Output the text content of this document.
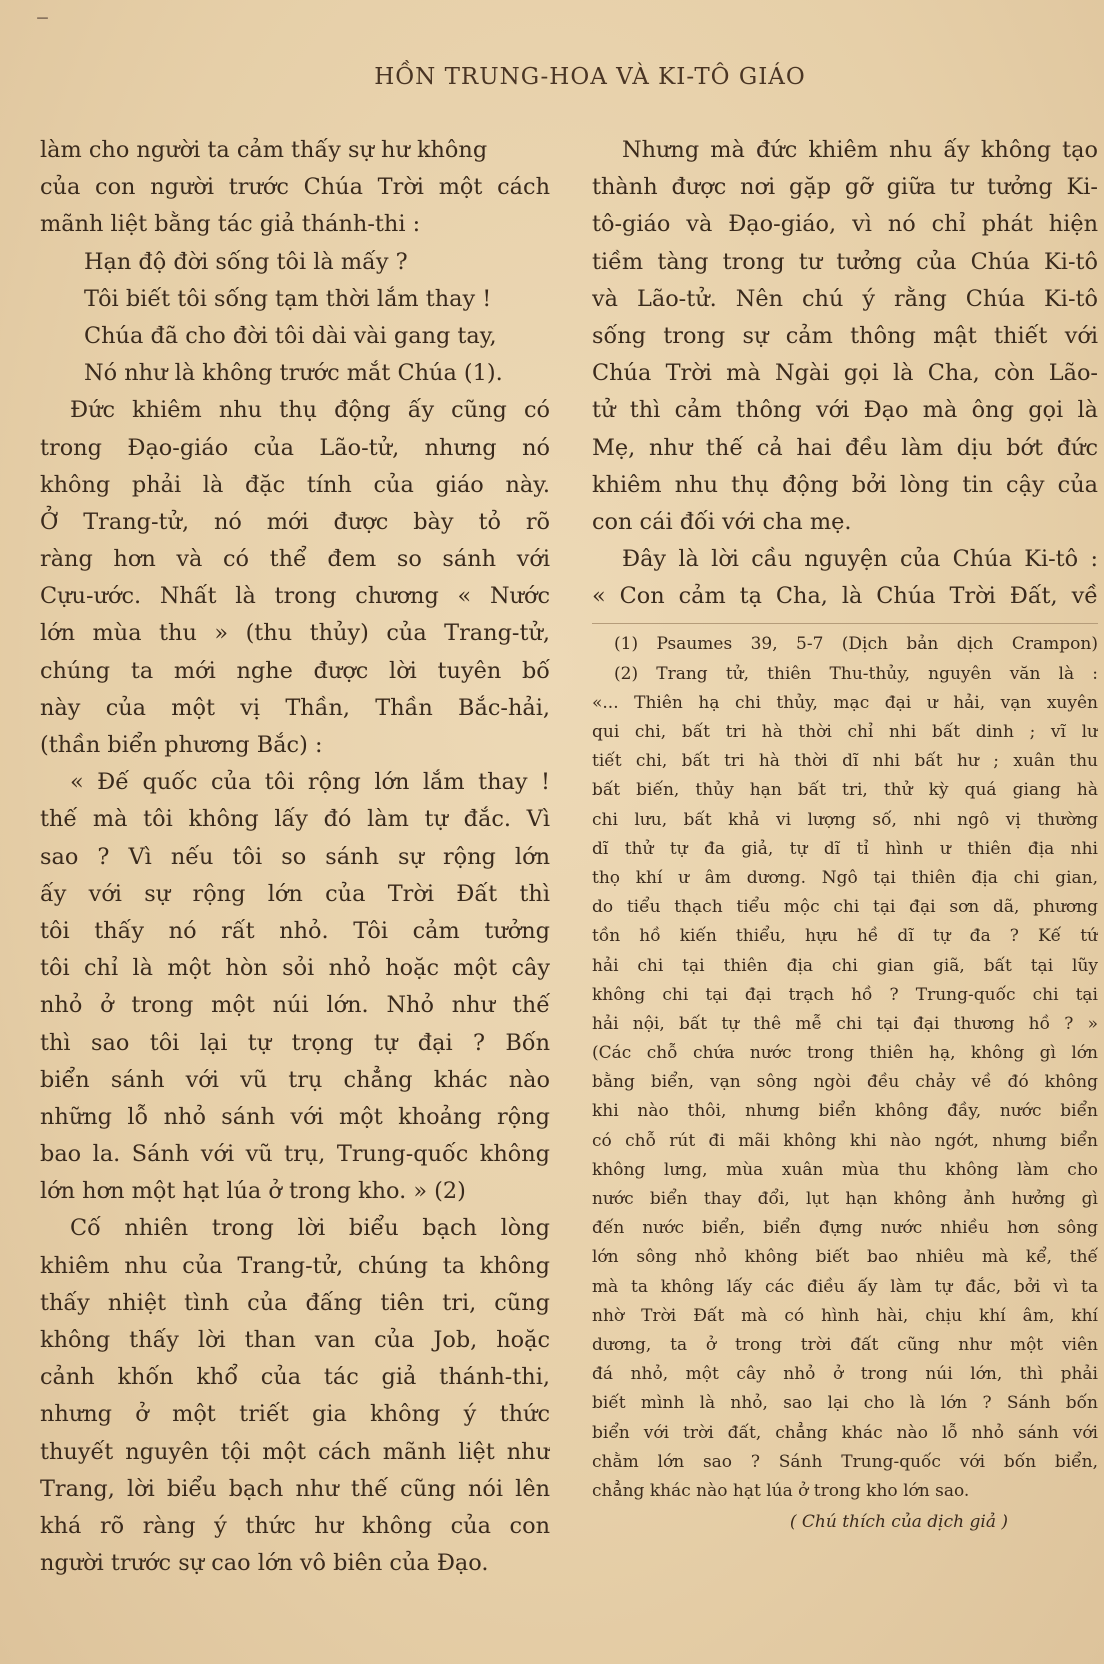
–
HỒN TRUNG-HOA VÀ KI-TÔ GIÁO
làm cho người ta cảm thấy sự hư không
của con người trước Chúa Trời một cách
mãnh liệt bằng tác giả thánh-thi :
Hạn độ đời sống tôi là mấy ?
Tôi biết tôi sống tạm thời lắm thay !
Chúa đã cho đời tôi dài vài gang tay,
Nó như là không trước mắt Chúa (1).
Đức khiêm nhu thụ động ấy cũng có
trong Đạo-giáo của Lão-tử, nhưng nó
không phải là đặc tính của giáo này.
Ở Trang-tử, nó mới được bày tỏ rõ
ràng hơn và có thể đem so sánh với
Cựu-ước. Nhất là trong chương « Nước
lớn mùa thu » (thu thủy) của Trang-tử,
chúng ta mới nghe được lời tuyên bố
này của một vị Thần, Thần Bắc-hải,
(thần biển phương Bắc) :
« Đế quốc của tôi rộng lớn lắm thay !
thế mà tôi không lấy đó làm tự đắc. Vì
sao ? Vì nếu tôi so sánh sự rộng lớn
ấy với sự rộng lớn của Trời Đất thì
tôi thấy nó rất nhỏ. Tôi cảm tưởng
tôi chỉ là một hòn sỏi nhỏ hoặc một cây
nhỏ ở trong một núi lớn. Nhỏ như thế
thì sao tôi lại tự trọng tự đại ? Bốn
biển sánh với vũ trụ chẳng khác nào
những lỗ nhỏ sánh với một khoảng rộng
bao la. Sánh với vũ trụ, Trung-quốc không
lớn hơn một hạt lúa ở trong kho. » (2)
Cố nhiên trong lời biểu bạch lòng
khiêm nhu của Trang-tử, chúng ta không
thấy nhiệt tình của đấng tiên tri, cũng
không thấy lời than van của Job, hoặc
cảnh khốn khổ của tác giả thánh-thi,
nhưng ở một triết gia không ý thức
thuyết nguyên tội một cách mãnh liệt như
Trang, lời biểu bạch như thế cũng nói lên
khá rõ ràng ý thức hư không của con
người trước sự cao lớn vô biên của Đạo.
Nhưng mà đức khiêm nhu ấy không tạo
thành được nơi gặp gỡ giữa tư tưởng Ki-
tô-giáo và Đạo-giáo, vì nó chỉ phát hiện
tiềm tàng trong tư tưởng của Chúa Ki-tô
và Lão-tử. Nên chú ý rằng Chúa Ki-tô
sống trong sự cảm thông mật thiết với
Chúa Trời mà Ngài gọi là Cha, còn Lão-
tử thì cảm thông với Đạo mà ông gọi là
Mẹ, như thế cả hai đều làm dịu bớt đức
khiêm nhu thụ động bởi lòng tin cậy của
con cái đối với cha mẹ.
Đây là lời cầu nguyện của Chúa Ki-tô :
« Con cảm tạ Cha, là Chúa Trời Đất, về
(1) Psaumes 39, 5-7 (Dịch bản dịch Crampon)
(2) Trang tử, thiên Thu-thủy, nguyên văn là :
«... Thiên hạ chi thủy, mạc đại ư hải, vạn xuyên
qui chi, bất tri hà thời chỉ nhi bất dinh ; vĩ lư
tiết chi, bất tri hà thời dĩ nhi bất hư ; xuân thu
bất biến, thủy hạn bất tri, thử kỳ quá giang hà
chi lưu, bất khả vi lượng số, nhi ngô vị thường
dĩ thử tự đa giả, tự dĩ tỉ hình ư thiên địa nhi
thọ khí ư âm dương. Ngô tại thiên địa chi gian,
do tiểu thạch tiểu mộc chi tại đại sơn dã, phương
tồn hồ kiến thiểu, hựu hề dĩ tự đa ? Kế tứ
hải chi tại thiên địa chi gian giã, bất tại lũy
không chi tại đại trạch hồ ? Trung-quốc chi tại
hải nội, bất tự thê mễ chi tại đại thương hồ ? »
(Các chỗ chứa nước trong thiên hạ, không gì lớn
bằng biển, vạn sông ngòi đều chảy về đó không
khi nào thôi, nhưng biển không đầy, nước biển
có chỗ rút đi mãi không khi nào ngớt, nhưng biển
không lưng, mùa xuân mùa thu không làm cho
nước biển thay đổi, lụt hạn không ảnh hưởng gì
đến nước biển, biển đựng nước nhiều hơn sông
lớn sông nhỏ không biết bao nhiêu mà kể, thế
mà ta không lấy các điều ấy làm tự đắc, bởi vì ta
nhờ Trời Đất mà có hình hài, chịu khí âm, khí
dương, ta ở trong trời đất cũng như một viên
đá nhỏ, một cây nhỏ ở trong núi lớn, thì phải
biết mình là nhỏ, sao lại cho là lớn ? Sánh bốn
biển với trời đất, chẳng khác nào lỗ nhỏ sánh với
chằm lớn sao ? Sánh Trung-quốc với bốn biển,
chẳng khác nào hạt lúa ở trong kho lớn sao.
( Chú thích của dịch giả )
